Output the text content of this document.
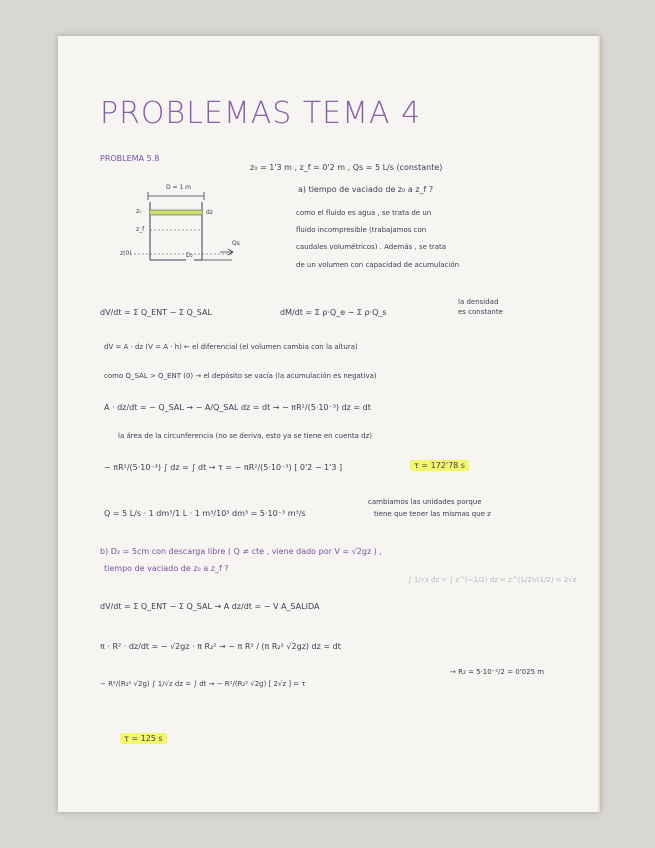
PROBLEMAS TEMA 4
PROBLEMA 5.8
z₀ = 1'3 m , z_f = 0'2 m , Qs = 5 L/s (constante)
a) tiempo de vaciado de z₀ a z_f ?
como el fluido es agua , se trata de un
fluido incompresible (trabajamos con
caudales volumétricos) . Además , se trata
de un volumen con capacidad de acumulación
D = 1 m
z₀
z_f
z(0)
dz
D₂
Qs
dV/dt = Σ Q_ENT − Σ Q_SAL	dM/dt = Σ ρ·Q_e − Σ ρ·Q_s
la densidad
es constante
dV = A · dz (V = A · h) ← el diferencial (el volumen cambia con la altura)
como Q_SAL > Q_ENT (0) → el depósito se vacía (la acumulación es negativa)
A · dz/dt = − Q_SAL → − A/Q_SAL dz = dt → − πR²/(5·10⁻³) dz = dt
la área de la circunferencia (no se deriva, esto ya se tiene en cuenta dz)
− πR²/(5·10⁻³) ∫ dz = ∫ dt → τ = − πR²/(5·10⁻³) [ 0'2 − 1'3 ]	τ = 172'78 s
Q = 5 L/s · 1 dm³/1 L · 1 m³/10³ dm³ = 5·10⁻³ m³/s
cambiamos las unidades porque
tiene que tener las mismas que z
b) D₂ = 5cm con descarga libre ( Q ≠ cte , viene dado por V = √2gz ) ,
tiempo de vaciado de z₀ a z_f ?
∫ 1/√z dz = ∫ z^(−1/2) dz = z^(1/2)/(1/2) = 2√z
dV/dt = Σ Q_ENT − Σ Q_SAL → A dz/dt = − V A_SALIDA
π · R² · dz/dt = − √2gz · π R₂² → − π R² / (π R₂² √2gz) dz = dt
− R²/(R₂² √2g) ∫ 1/√z dz = ∫ dt → − R²/(R₂² √2g) [ 2√z ] = τ
→ R₂ = 5·10⁻²/2 = 0'025 m
τ = 125 s
